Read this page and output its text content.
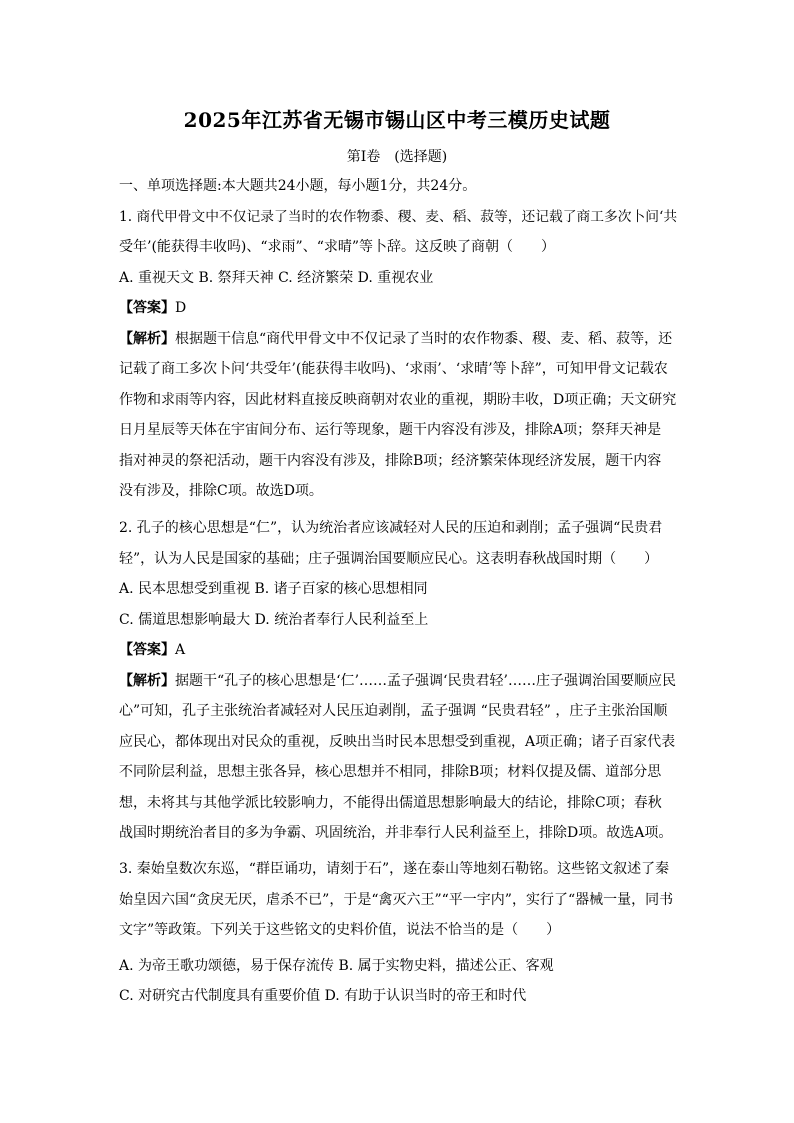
2025年江苏省无锡市锡山区中考三模历史试题
第Ⅰ卷　(选择题)
一、单项选择题:本大题共24小题，每小题1分，共24分。
1. 商代甲骨文中不仅记录了当时的农作物黍、稷、麦、稻、菽等，还记载了商工多次卜问‘共
受年’(能获得丰收吗)、“求雨”、“求晴”等卜辞。这反映了商朝（　　）
A. 重视天文 B. 祭拜天神 C. 经济繁荣 D. 重视农业
【答案】D
【解析】根据题干信息“商代甲骨文中不仅记录了当时的农作物黍、稷、麦、稻、菽等，还
记载了商工多次卜问‘共受年’(能获得丰收吗)、‘求雨’、‘求晴’等卜辞”，可知甲骨文记载农
作物和求雨等内容，因此材料直接反映商朝对农业的重视，期盼丰收，D项正确；天文研究
日月星辰等天体在宇宙间分布、运行等现象，题干内容没有涉及，排除A项；祭拜天神是
指对神灵的祭祀活动，题干内容没有涉及，排除B项；经济繁荣体现经济发展，题干内容
没有涉及，排除C项。故选D项。
2. 孔子的核心思想是“仁”，认为统治者应该减轻对人民的压迫和剥削；孟子强调“民贵君
轻”，认为人民是国家的基础；庄子强调治国要顺应民心。这表明春秋战国时期（　　）
A. 民本思想受到重视 B. 诸子百家的核心思想相同
C. 儒道思想影响最大 D. 统治者奉行人民利益至上
【答案】A
【解析】据题干“孔子的核心思想是‘仁’……孟子强调‘民贵君轻’……庄子强调治国要顺应民
心”可知，孔子主张统治者减轻对人民压迫剥削，孟子强调 “民贵君轻” ，庄子主张治国顺
应民心，都体现出对民众的重视，反映出当时民本思想受到重视，A项正确；诸子百家代表
不同阶层利益，思想主张各异，核心思想并不相同，排除B项；材料仅提及儒、道部分思
想，未将其与其他学派比较影响力，不能得出儒道思想影响最大的结论，排除C项；春秋
战国时期统治者目的多为争霸、巩固统治，并非奉行人民利益至上，排除D项。故选A项。
3. 秦始皇数次东巡，“群臣诵功，请刻于石”，遂在泰山等地刻石勒铭。这些铭文叙述了秦
始皇因六国“贪戾无厌，虐杀不已”，于是“禽灭六王”“平一宇内”，实行了“器械一量，同书
文字”等政策。下列关于这些铭文的史料价值，说法不恰当的是（　　）
A. 为帝王歌功颂德，易于保存流传 B. 属于实物史料，描述公正、客观
C. 对研究古代制度具有重要价值 D. 有助于认识当时的帝王和时代
